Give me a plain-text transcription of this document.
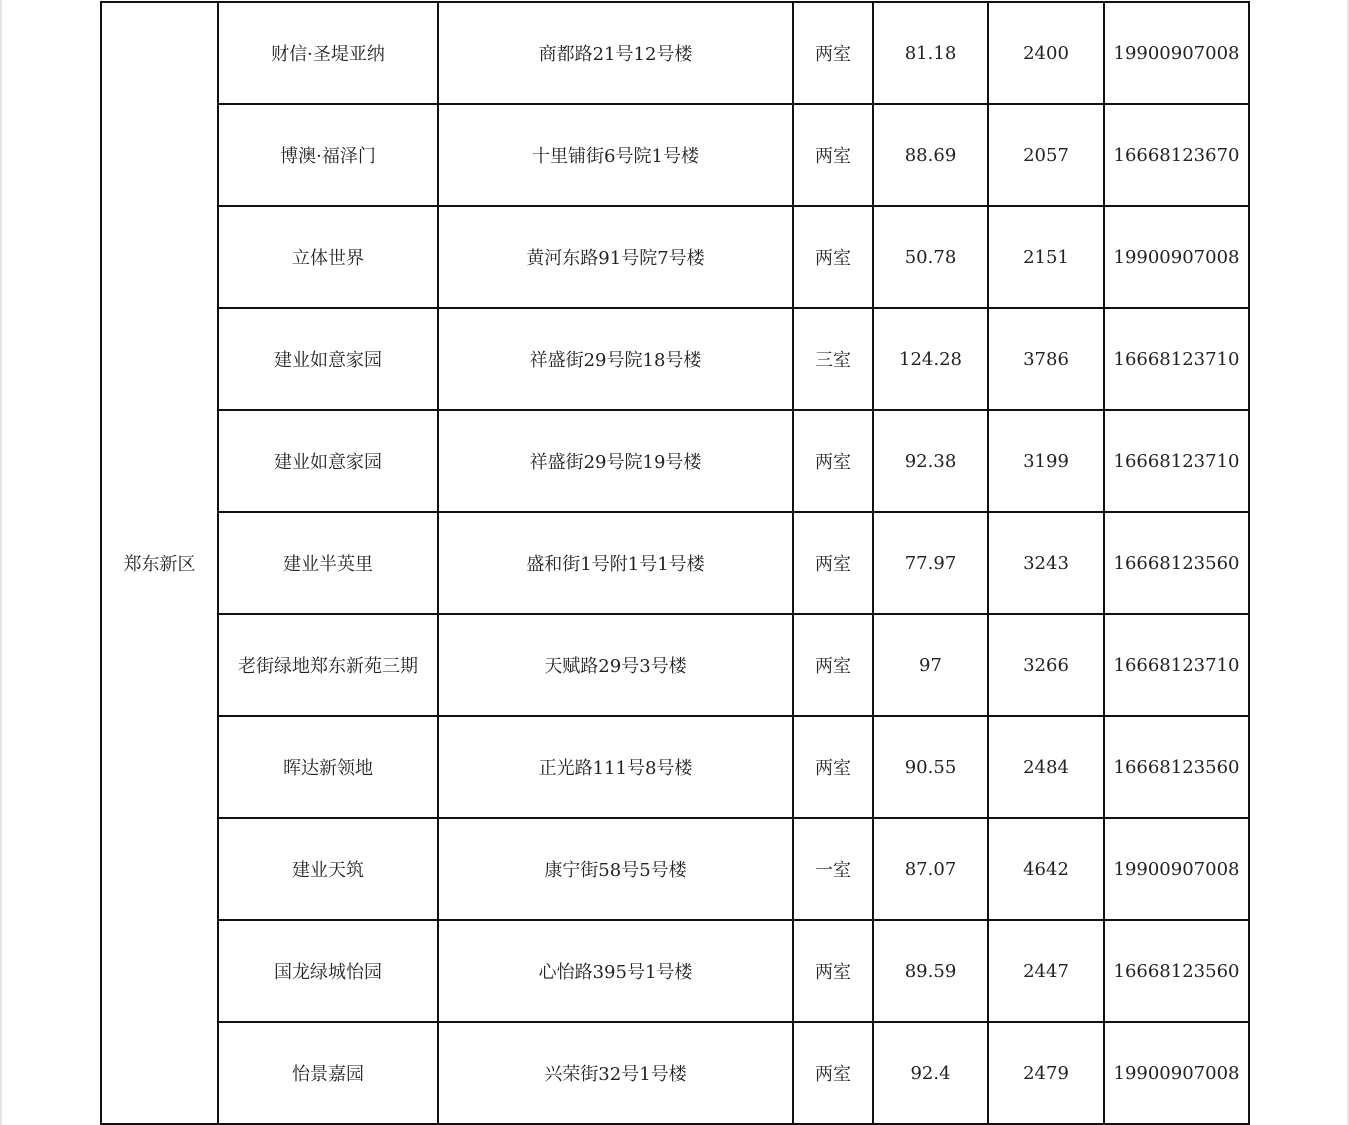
郑东新区	财信·圣堤亚纳	商都路21号12号楼	两室	81.18	2400	19900907008
	博澳·福泽门	十里铺街6号院1号楼	两室	88.69	2057	16668123670
	立体世界	黄河东路91号院7号楼	两室	50.78	2151	19900907008
	建业如意家园	祥盛街29号院18号楼	三室	124.28	3786	16668123710
	建业如意家园	祥盛街29号院19号楼	两室	92.38	3199	16668123710
	建业半英里	盛和街1号附1号1号楼	两室	77.97	3243	16668123560
	老街绿地郑东新苑三期	天赋路29号3号楼	两室	97	3266	16668123710
	晖达新领地	正光路111号8号楼	两室	90.55	2484	16668123560
	建业天筑	康宁街58号5号楼	一室	87.07	4642	19900907008
	国龙绿城怡园	心怡路395号1号楼	两室	89.59	2447	16668123560
	怡景嘉园	兴荣街32号1号楼	两室	92.4	2479	19900907008
